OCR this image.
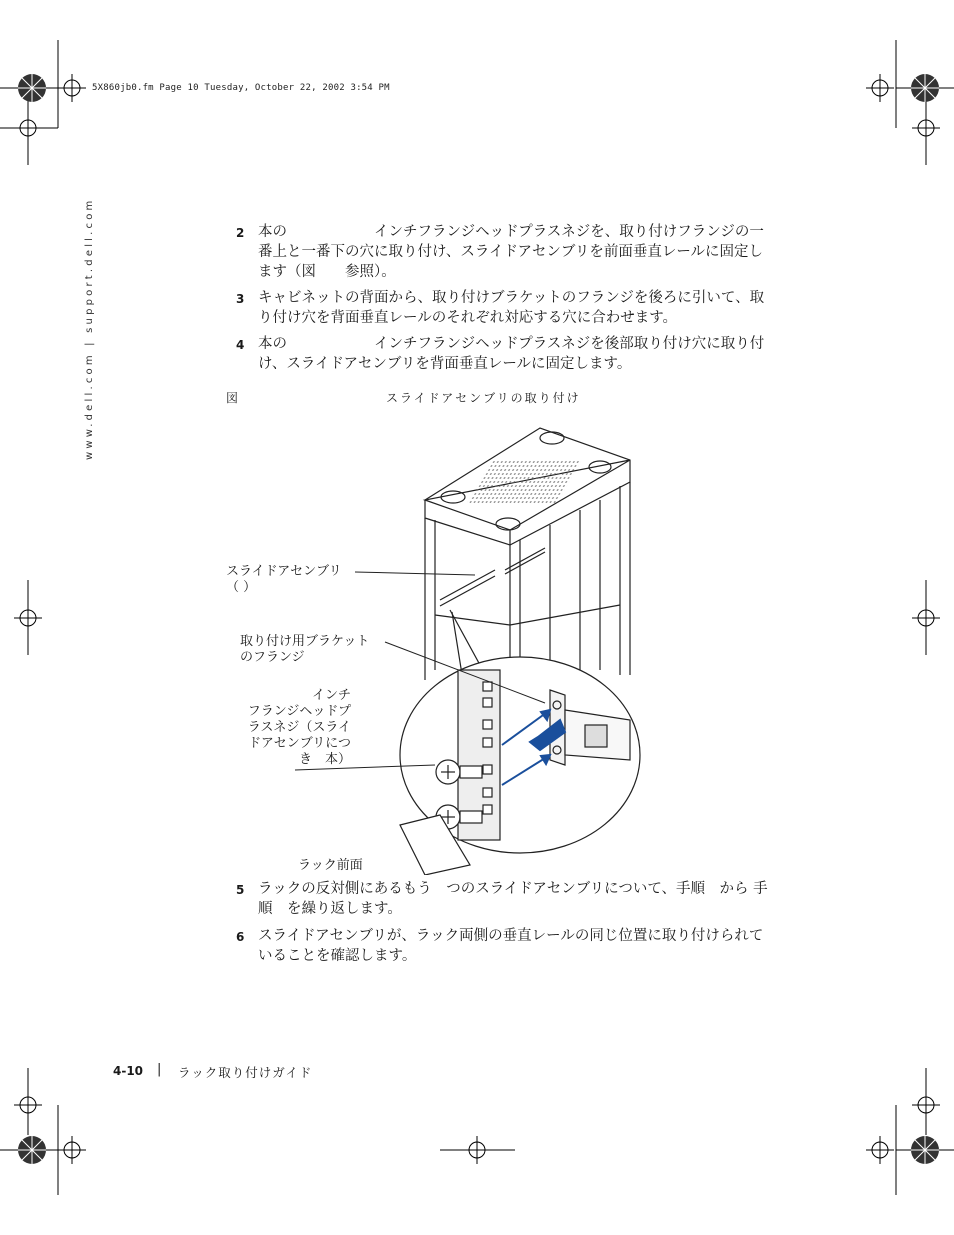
5X860jb0.fm Page 10 Tuesday, October 22, 2002 3:54 PM
www.dell.com | support.dell.com	2 本の　　　　　　インチフランジヘッドプラスネジを、取り付けフランジの一
番上と一番下の穴に取り付け、スライドアセンブリを前面垂直レールに固定し
ます（図　　参照）。
3 キャビネットの背面から、取り付けブラケットのフランジを後ろに引いて、取
り付け穴を背面垂直レールのそれぞれ対応する穴に合わせます。
4 本の　　　　　　インチフランジヘッドプラスネジを後部取り付け穴に取り付
け、スライドアセンブリを背面垂直レールに固定します。
図	スライドアセンブリの取り付け
スライドアセンブリ
（ ）
取り付け用ブラケット
のフランジ
インチ
フランジヘッドプ
ラスネジ（スライ
ドアセンブリにつ
き　本）
ラック前面
5 ラックの反対側にあるもう　つのスライドアセンブリについて、手順　から 手
順　を繰り返します。
6 スライドアセンブリが、ラック両側の垂直レールの同じ位置に取り付けられて
いることを確認します。
4-10 | ラック取り付けガイド
